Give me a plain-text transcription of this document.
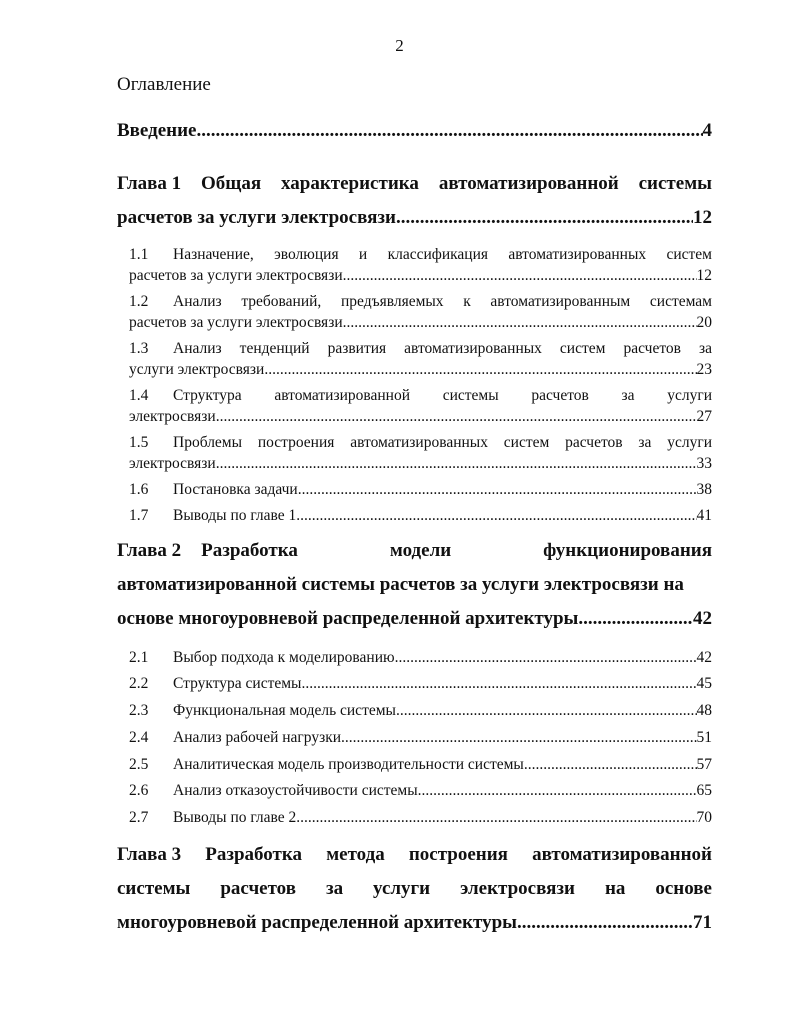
2
Оглавление
Введение .....	4
Глава 1 Общая характеристика автоматизированной системы
расчетов за услуги электросвязи .....	12
1.1	Назначение, эволюция и классификация автоматизированных систем
расчетов за услуги электросвязи .....	12
1.2	Анализ требований, предъявляемых к автоматизированным системам
расчетов за услуги электросвязи .....	20
1.3	Анализ тенденций развития автоматизированных систем расчетов за
услуги электросвязи .....	23
1.4	Структура автоматизированной системы расчетов за услуги
электросвязи .....	27
1.5	Проблемы построения автоматизированных систем расчетов за услуги
электросвязи .....	33
1.6	Постановка задачи .....	38
1.7	Выводы по главе 1 .....	41
Глава 2 Разработка	модели	функционирования
автоматизированной системы расчетов за услуги электросвязи на
основе многоуровневой распределенной архитектуры .....	42
2.1	Выбор подхода к моделированию .....	42
2.2	Структура системы .....	45
2.3	Функциональная модель системы .....	48
2.4	Анализ рабочей нагрузки .....	51
2.5	Аналитическая модель производительности системы .....	57
2.6	Анализ отказоустойчивости системы .....	65
2.7	Выводы по главе 2 .....	70
Глава 3 Разработка метода построения автоматизированной
системы расчетов за услуги электросвязи на основе
многоуровневой распределенной архитектуры .....	71
